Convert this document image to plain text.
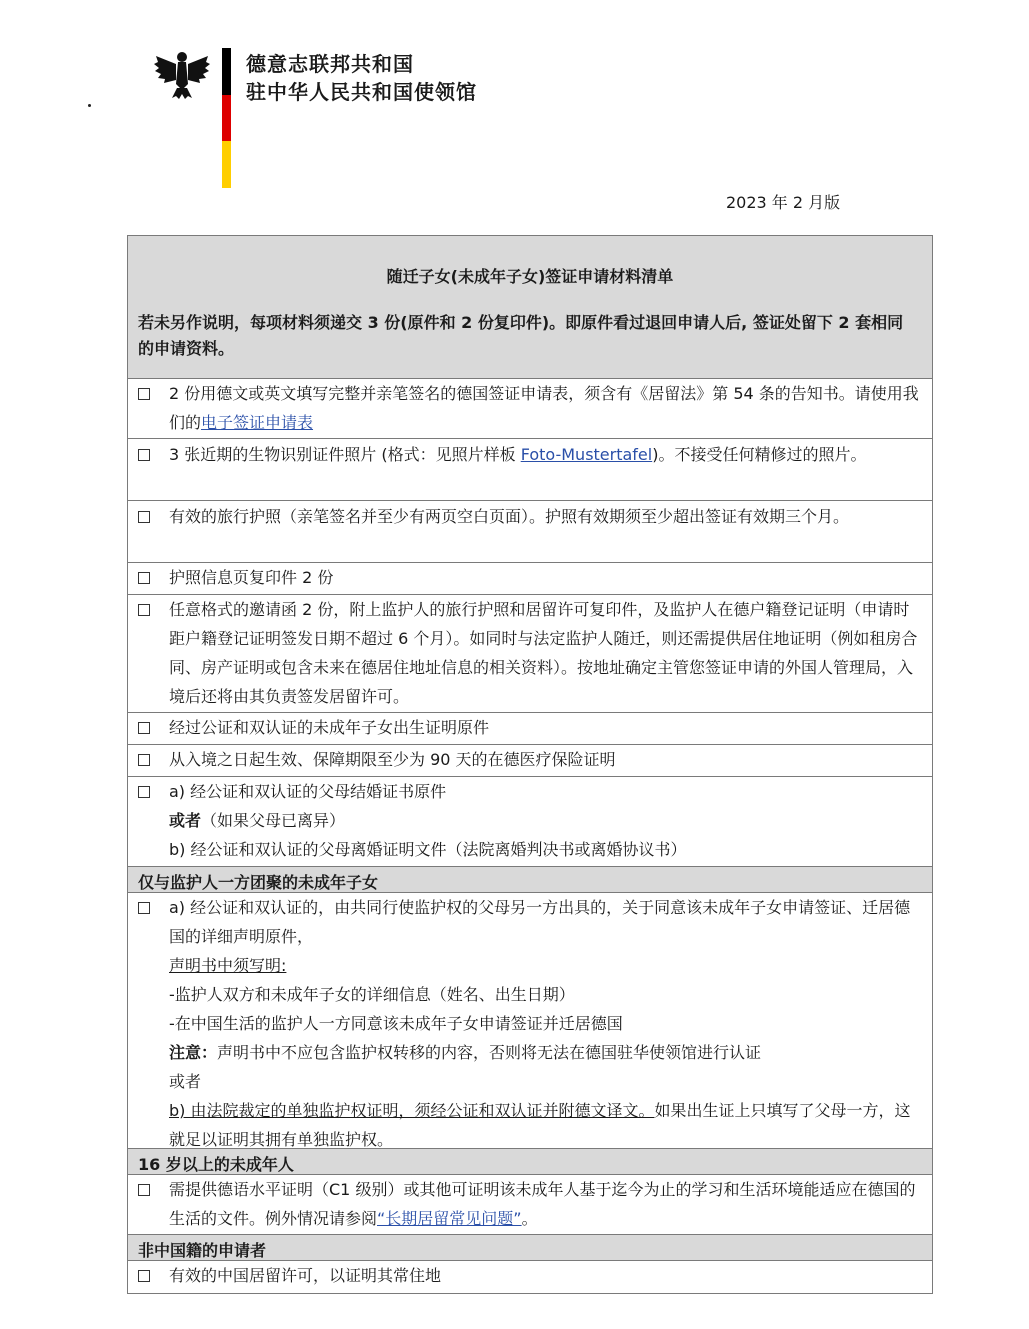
德意志联邦共和国
驻中华人民共和国使领馆
2023 年 2 月版
随迁子女(未成年子女)签证申请材料清单
若未另作说明，每项材料须递交 3 份(原件和 2 份复印件)。即原件看过退回申请人后, 签证处留下 2 套相同的申请资料。
2 份用德文或英文填写完整并亲笔签名的德国签证申请表，须含有《居留法》第 54 条的告知书。请使用我们的电子签证申请表
3 张近期的生物识别证件照片 (格式：见照片样板 Foto-Mustertafel)。不接受任何精修过的照片。
有效的旅行护照（亲笔签名并至少有两页空白页面）。护照有效期须至少超出签证有效期三个月。
护照信息页复印件 2 份
任意格式的邀请函 2 份，附上监护人的旅行护照和居留许可复印件，及监护人在德户籍登记证明（申请时距户籍登记证明签发日期不超过 6 个月）。如同时与法定监护人随迁，则还需提供居住地证明（例如租房合同、房产证明或包含未来在德居住地址信息的相关资料）。按地址确定主管您签证申请的外国人管理局，入境后还将由其负责签发居留许可。
经过公证和双认证的未成年子女出生证明原件
从入境之日起生效、保障期限至少为 90 天的在德医疗保险证明

a) 经公证和双认证的父母结婚证书原件

或者（如果父母已离异）

b) 经公证和双认证的父母离婚证明文件（法院离婚判决书或离婚协议书）

仅与监护人一方团聚的未成年子女

a) 经公证和双认证的，由共同行使监护权的父母另一方出具的，关于同意该未成年子女申请签证、迁居德国的详细声明原件，

声明书中须写明:

-监护人双方和未成年子女的详细信息（姓名、出生日期）

-在中国生活的监护人一方同意该未成年子女申请签证并迁居德国

注意：声明书中不应包含监护权转移的内容，否则将无法在德国驻华使领馆进行认证

或者

b) 由法院裁定的单独监护权证明，须经公证和双认证并附德文译文。如果出生证上只填写了父母一方，这就足以证明其拥有单独监护权。

16 岁以上的未成年人
需提供德语水平证明（C1 级别）或其他可证明该未成年人基于迄今为止的学习和生活环境能适应在德国的生活的文件。例外情况请参阅“长期居留常见问题”。
非中国籍的申请者
有效的中国居留许可，以证明其常住地
